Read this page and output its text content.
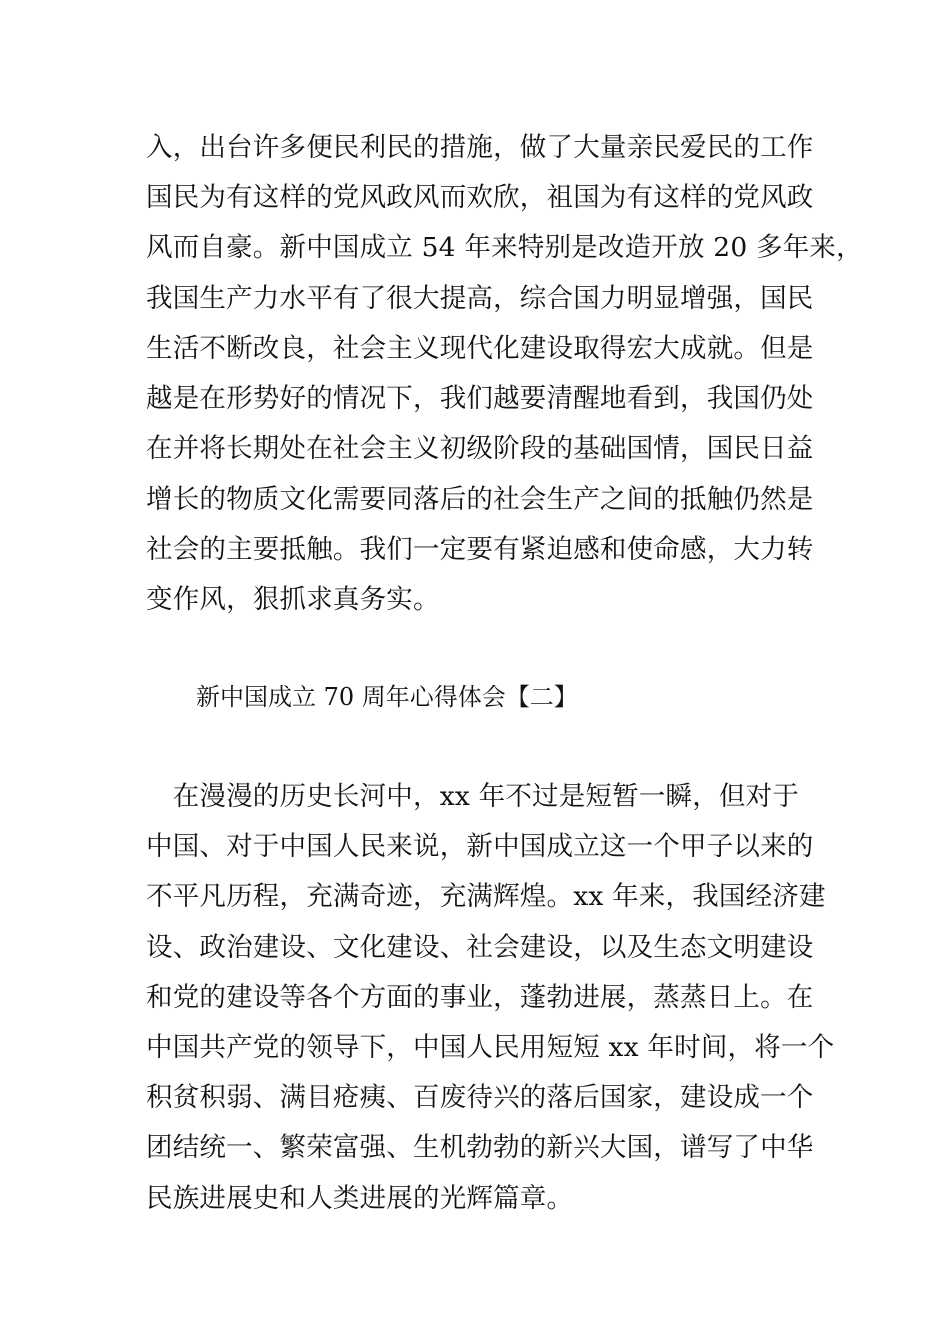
入，出台许多便民利民的措施，做了大量亲民爱民的工作
国民为有这样的党风政风而欢欣，祖国为有这样的党风政
风而自豪。新中国成立 54 年来特别是改造开放 20 多年来，
我国生产力水平有了很大提高，综合国力明显增强，国民
生活不断改良，社会主义现代化建设取得宏大成就。但是
越是在形势好的情况下，我们越要清醒地看到，我国仍处
在并将长期处在社会主义初级阶段的基础国情，国民日益
增长的物质文化需要同落后的社会生产之间的抵触仍然是
社会的主要抵触。我们一定要有紧迫感和使命感，大力转
变作风，狠抓求真务实。
新中国成立 70 周年心得体会【二】
　在漫漫的历史长河中，xx 年不过是短暂一瞬，但对于
中国、对于中国人民来说，新中国成立这一个甲子以来的
不平凡历程，充满奇迹，充满辉煌。xx 年来，我国经济建
设、政治建设、文化建设、社会建设，以及生态文明建设
和党的建设等各个方面的事业，蓬勃进展，蒸蒸日上。在
中国共产党的领导下，中国人民用短短 xx 年时间，将一个
积贫积弱、满目疮痍、百废待兴的落后国家，建设成一个
团结统一、繁荣富强、生机勃勃的新兴大国，谱写了中华
民族进展史和人类进展的光辉篇章。
